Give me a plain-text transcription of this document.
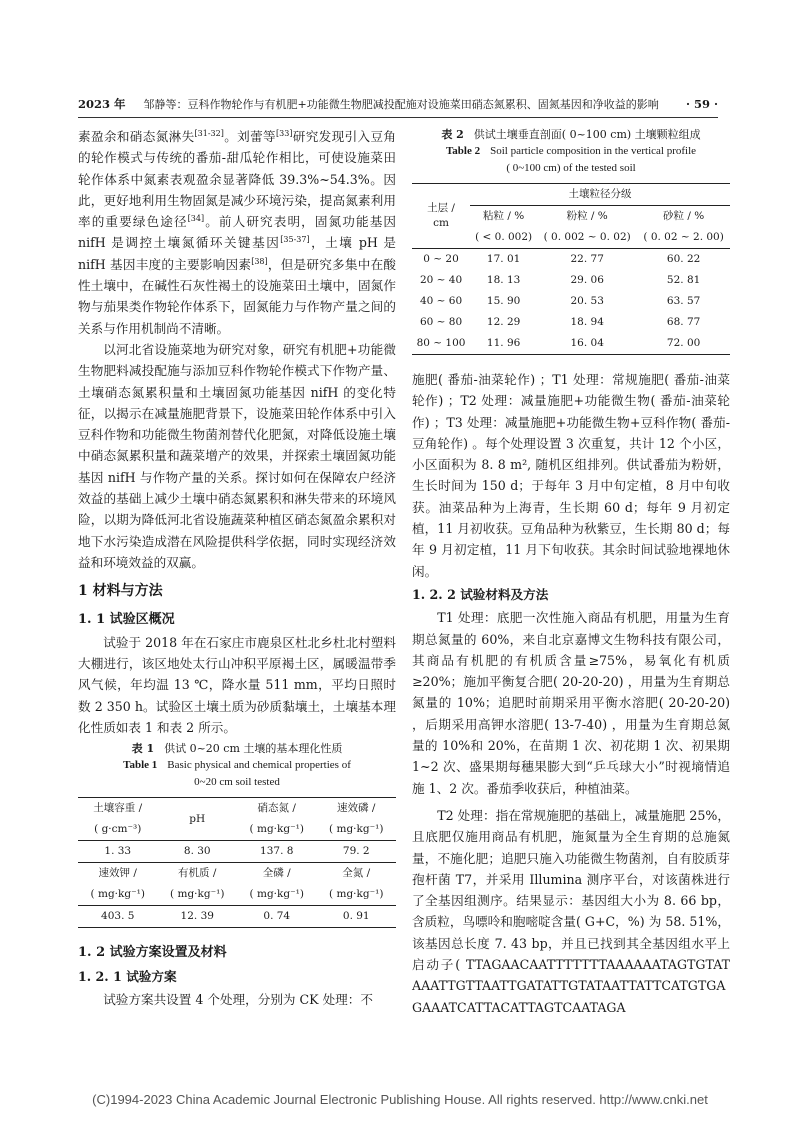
2023 年 邹静等：豆科作物轮作与有机肥+功能微生物肥减投配施对设施菜田硝态氮累积、固氮基因和净收益的影响	· 59 ·

素盈余和硝态氮淋失[31-32]。刘蕾等[33]研究发现引入豆角的轮作模式与传统的番茄-甜瓜轮作相比，可使设施菜田轮作体系中氮素表观盈余显著降低 39.3%~54.3%。因此，更好地利用生物固氮是减少环境污染，提高氮素利用率的重要绿色途径[34]。前人研究表明，固氮功能基因 nifH 是调控土壤氮循环关键基因[35-37]，土壤 pH 是 nifH 基因丰度的主要影响因素[38]，但是研究多集中在酸性土壤中，在碱性石灰性褐土的设施菜田土壤中，固氮作物与茄果类作物轮作体系下，固氮能力与作物产量之间的关系与作用机制尚不清晰。

以河北省设施菜地为研究对象，研究有机肥+功能微生物肥料减投配施与添加豆科作物轮作模式下作物产量、土壤硝态氮累积量和土壤固氮功能基因 nifH 的变化特征，以揭示在减量施肥背景下，设施菜田轮作体系中引入豆科作物和功能微生物菌剂替代化肥氮，对降低设施土壤中硝态氮累积量和蔬菜增产的效果，并探索土壤固氮功能基因 nifH 与作物产量的关系。探讨如何在保障农户经济效益的基础上减少土壤中硝态氮累积和淋失带来的环境风险，以期为降低河北省设施蔬菜种植区硝态氮盈余累积对地下水污染造成潜在风险提供科学依据，同时实现经济效益和环境效益的双赢。

1 材料与方法
1. 1 试验区概况

试验于 2018 年在石家庄市鹿泉区杜北乡杜北村塑料大棚进行，该区地处太行山冲积平原褐土区，属暖温带季风气候，年均温 13 ℃，降水量 511 mm，平均日照时数 2 350 h。试验区土壤土质为砂质黏壤土，土壤基本理化性质如表 1 和表 2 所示。

表 1 供试 0~20 cm 土壤的基本理化性质
Table 1 Basic physical and chemical properties of
0~20 cm soil tested
土壤容重 /	pH	硝态氮 /	速效磷 /
( g·cm⁻³)		( mg·kg⁻¹)	( mg·kg⁻¹)
1. 33	8. 30	137. 8	79. 2
速效钾 /	有机质 /	全磷 /	全氮 /
( mg·kg⁻¹)	( mg·kg⁻¹)	( mg·kg⁻¹)	( mg·kg⁻¹)
403. 5	12. 39	0. 74	0. 91
1. 2 试验方案设置及材料
1. 2. 1 试验方案

试验方案共设置 4 个处理，分别为 CK 处理：不

表 2 供试土壤垂直剖面( 0~100 cm) 土壤颗粒组成
Table 2 Soil particle composition in the vertical profile
( 0~100 cm) of the tested soil
土层 /
cm	土壤粒径分级		
	粘粒 / %	粉粒 / %	砂粒 / %
	( < 0. 002)	( 0. 002 ~ 0. 02)	( 0. 02 ~ 2. 00)
0 ~ 20	17. 01	22. 77	60. 22
20 ~ 40	18. 13	29. 06	52. 81
40 ~ 60	15. 90	20. 53	63. 57
60 ~ 80	12. 29	18. 94	68. 77
80 ~ 100	11. 96	16. 04	72. 00

施肥( 番茄-油菜轮作) ；T1 处理：常规施肥( 番茄-油菜轮作) ；T2 处理：减量施肥+功能微生物( 番茄-油菜轮作) ；T3 处理：减量施肥+功能微生物+豆科作物( 番茄-豆角轮作) 。每个处理设置 3 次重复，共计 12 个小区，小区面积为 8. 8 m², 随机区组排列。供试番茄为粉妍，生长时间为 150 d；于每年 3 月中旬定植，8 月中旬收获。油菜品种为上海青，生长期 60 d；每年 9 月初定植，11 月初收获。豆角品种为秋紫豆，生长期 80 d；每年 9 月初定植，11 月下旬收获。其余时间试验地裸地休闲。

1. 2. 2 试验材料及方法

T1 处理：底肥一次性施入商品有机肥，用量为生育期总氮量的 60%，来自北京嘉博文生物科技有限公司，其商品有机肥的有机质含量≥75%，易氧化有机质≥20%；施加平衡复合肥( 20-20-20) ，用量为生育期总氮量的 10%；追肥时前期采用平衡水溶肥( 20-20-20) ，后期采用高钾水溶肥( 13-7-40) ，用量为生育期总氮量的 10%和 20%，在苗期 1 次、初花期 1 次、初果期 1~2 次、盛果期每穗果膨大到“乒乓球大小”时视墒情追施 1、2 次。番茄季收获后，种植油菜。

T2 处理：指在常规施肥的基础上，减量施肥 25%，且底肥仅施用商品有机肥，施氮量为全生育期的总施氮量，不施化肥；追肥只施入功能微生物菌剂，自有胶质芽孢杆菌 T7，并采用 Illumina 测序平台，对该菌株进行了全基因组测序。结果显示：基因组大小为 8. 66 bp，含质粒，鸟嘌呤和胞嘧啶含量( G+C，%) 为 58. 51%，该基因总长度 7. 43 bp，并且已找到其全基因组水平上启动子( TTAGAACAATTTTTTTAAAAAATAGTGTATAAATTGTTAATTGATATTGTATAATTATTCATGTGAGAAATCATTACATTAGTCAATAGA

(C)1994-2023 China Academic Journal Electronic Publishing House. All rights reserved. http://www.cnki.net
